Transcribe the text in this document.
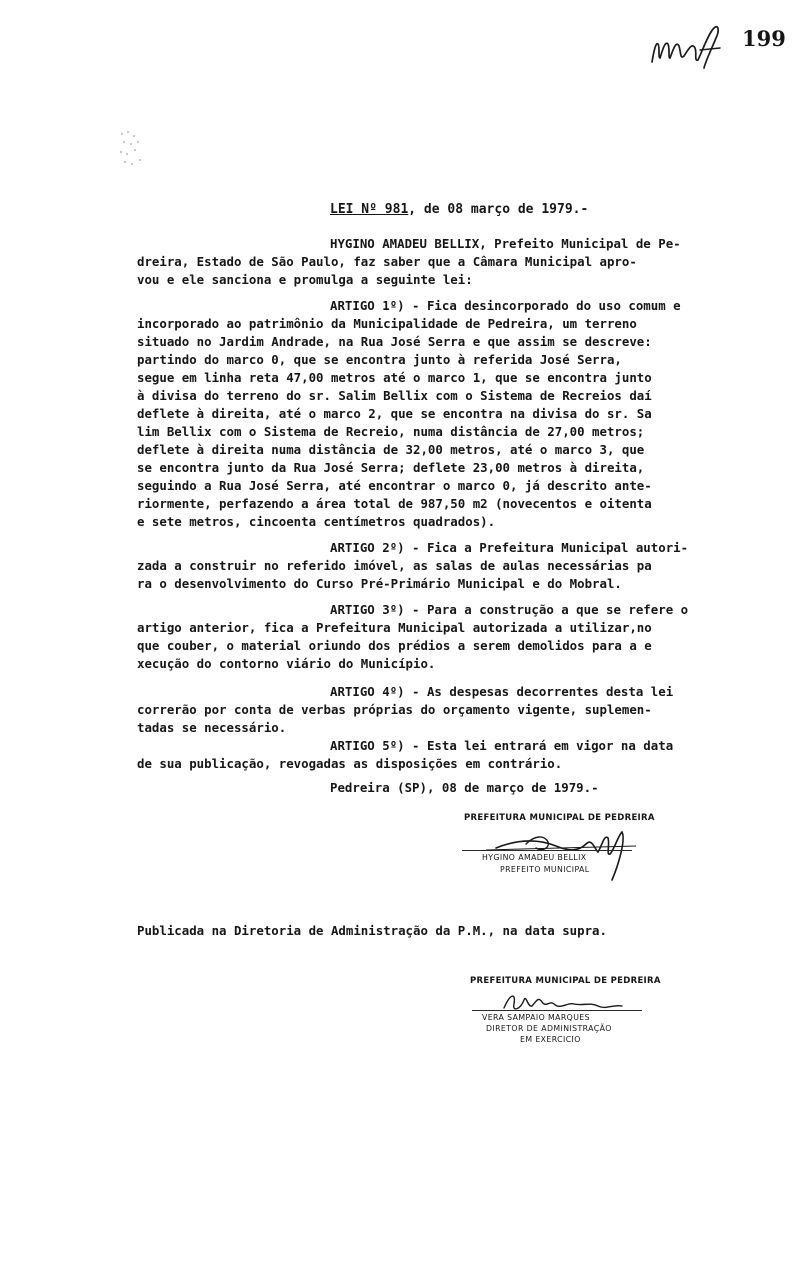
199
LEI Nº 981, de 08 março de 1979.-
HYGINO AMADEU BELLIX, Prefeito Municipal de Pe-
dreira, Estado de São Paulo, faz saber que a Câmara Municipal apro-
vou e ele sanciona e promulga a seguinte lei:
ARTIGO 1º) - Fica desincorporado do uso comum e
incorporado ao patrimônio da Municipalidade de Pedreira, um terreno
situado no Jardim Andrade, na Rua José Serra e que assim se descreve:
partindo do marco 0, que se encontra junto à referida José Serra,
segue em linha reta 47,00 metros até o marco 1, que se encontra junto
à divisa do terreno do sr. Salim Bellix com o Sistema de Recreios daí
deflete à direita, até o marco 2, que se encontra na divisa do sr. Sa
lim Bellix com o Sistema de Recreio, numa distância de 27,00 metros;
deflete à direita numa distância de 32,00 metros, até o marco 3, que
se encontra junto da Rua José Serra; deflete 23,00 metros à direita,
seguindo a Rua José Serra, até encontrar o marco 0, já descrito ante-
riormente, perfazendo a área total de 987,50 m2 (novecentos e oitenta
e sete metros, cincoenta centímetros quadrados).
ARTIGO 2º) - Fica a Prefeitura Municipal autori-
zada a construir no referido imóvel, as salas de aulas necessárias pa
ra o desenvolvimento do Curso Pré-Primário Municipal e do Mobral.
ARTIGO 3º) - Para a construção a que se refere o
artigo anterior, fica a Prefeitura Municipal autorizada a utilizar,no
que couber, o material oriundo dos prédios a serem demolidos para a e
xecução do contorno viário do Município.
ARTIGO 4º) - As despesas decorrentes desta lei
correrão por conta de verbas próprias do orçamento vigente, suplemen-
tadas se necessário.
ARTIGO 5º) - Esta lei entrará em vigor na data
de sua publicação, revogadas as disposições em contrário.
Pedreira (SP), 08 de março de 1979.-
PREFEITURA MUNICIPAL DE PEDREIRA
HYGINO AMADEU BELLIX
PREFEITO MUNICIPAL
Publicada na Diretoria de Administração da P.M., na data supra.
PREFEITURA MUNICIPAL DE PEDREIRA
VERA SAMPAIO MARQUES
DIRETOR DE ADMINISTRAÇÃO
EM EXERCICIO
